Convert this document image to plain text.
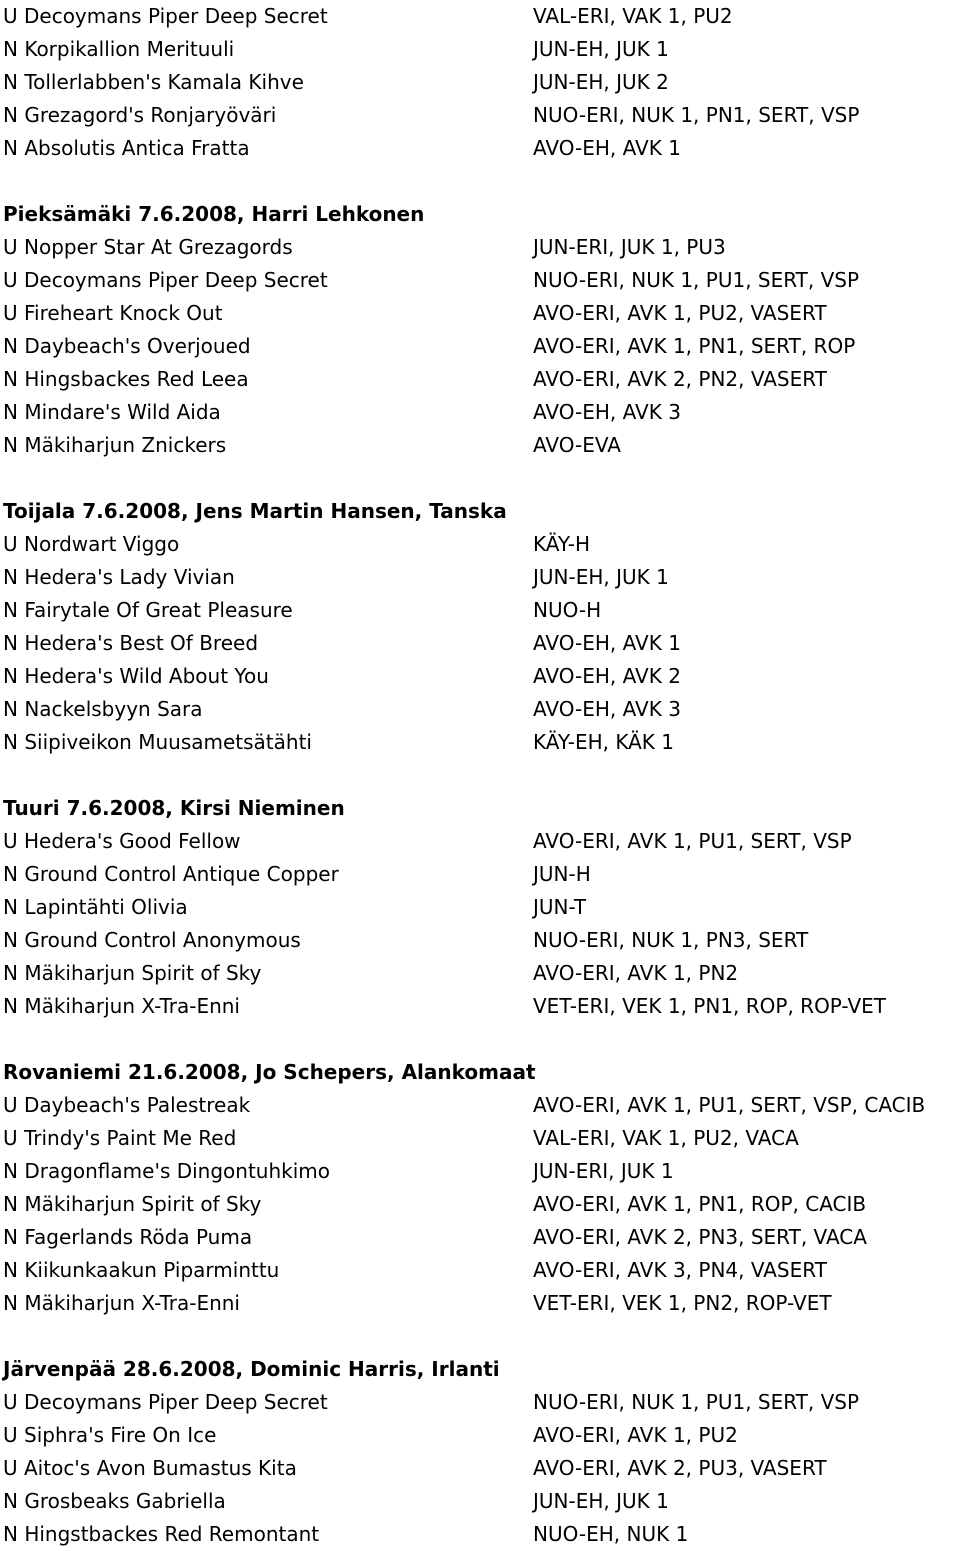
U Decoymans Piper Deep Secret	VAL-ERI, VAK 1, PU2
N Korpikallion Merituuli	JUN-EH, JUK 1
N Tollerlabben's Kamala Kihve	JUN-EH, JUK 2
N Grezagord's Ronjaryöväri	NUO-ERI, NUK 1, PN1, SERT, VSP
N Absolutis Antica Fratta	AVO-EH, AVK 1
Pieksämäki 7.6.2008, Harri Lehkonen
U Nopper Star At Grezagords	JUN-ERI, JUK 1, PU3
U Decoymans Piper Deep Secret	NUO-ERI, NUK 1, PU1, SERT, VSP
U Fireheart Knock Out	AVO-ERI, AVK 1, PU2, VASERT
N Daybeach's Overjoued	AVO-ERI, AVK 1, PN1, SERT, ROP
N Hingsbackes Red Leea	AVO-ERI, AVK 2, PN2, VASERT
N Mindare's Wild Aida	AVO-EH, AVK 3
N Mäkiharjun Znickers	AVO-EVA
Toijala 7.6.2008, Jens Martin Hansen, Tanska
U Nordwart Viggo	KÄY-H
N Hedera's Lady Vivian	JUN-EH, JUK 1
N Fairytale Of Great Pleasure	NUO-H
N Hedera's Best Of Breed	AVO-EH, AVK 1
N Hedera's Wild About You	AVO-EH, AVK 2
N Nackelsbyyn Sara	AVO-EH, AVK 3
N Siipiveikon Muusametsätähti	KÄY-EH, KÄK 1
Tuuri 7.6.2008, Kirsi Nieminen
U Hedera's Good Fellow	AVO-ERI, AVK 1, PU1, SERT, VSP
N Ground Control Antique Copper	JUN-H
N Lapintähti Olivia	JUN-T
N Ground Control Anonymous	NUO-ERI, NUK 1, PN3, SERT
N Mäkiharjun Spirit of Sky	AVO-ERI, AVK 1, PN2
N Mäkiharjun X-Tra-Enni	VET-ERI, VEK 1, PN1, ROP, ROP-VET
Rovaniemi 21.6.2008, Jo Schepers, Alankomaat
U Daybeach's Palestreak	AVO-ERI, AVK 1, PU1, SERT, VSP, CACIB
U Trindy's Paint Me Red	VAL-ERI, VAK 1, PU2, VACA
N Dragonflame's Dingontuhkimo	JUN-ERI, JUK 1
N Mäkiharjun Spirit of Sky	AVO-ERI, AVK 1, PN1, ROP, CACIB
N Fagerlands Röda Puma	AVO-ERI, AVK 2, PN3, SERT, VACA
N Kiikunkaakun Piparminttu	AVO-ERI, AVK 3, PN4, VASERT
N Mäkiharjun X-Tra-Enni	VET-ERI, VEK 1, PN2, ROP-VET
Järvenpää 28.6.2008, Dominic Harris, Irlanti
U Decoymans Piper Deep Secret	NUO-ERI, NUK 1, PU1, SERT, VSP
U Siphra's Fire On Ice	AVO-ERI, AVK 1, PU2
U Aitoc's Avon Bumastus Kita	AVO-ERI, AVK 2, PU3, VASERT
N Grosbeaks Gabriella	JUN-EH, JUK 1
N Hingstbackes Red Remontant	NUO-EH, NUK 1
